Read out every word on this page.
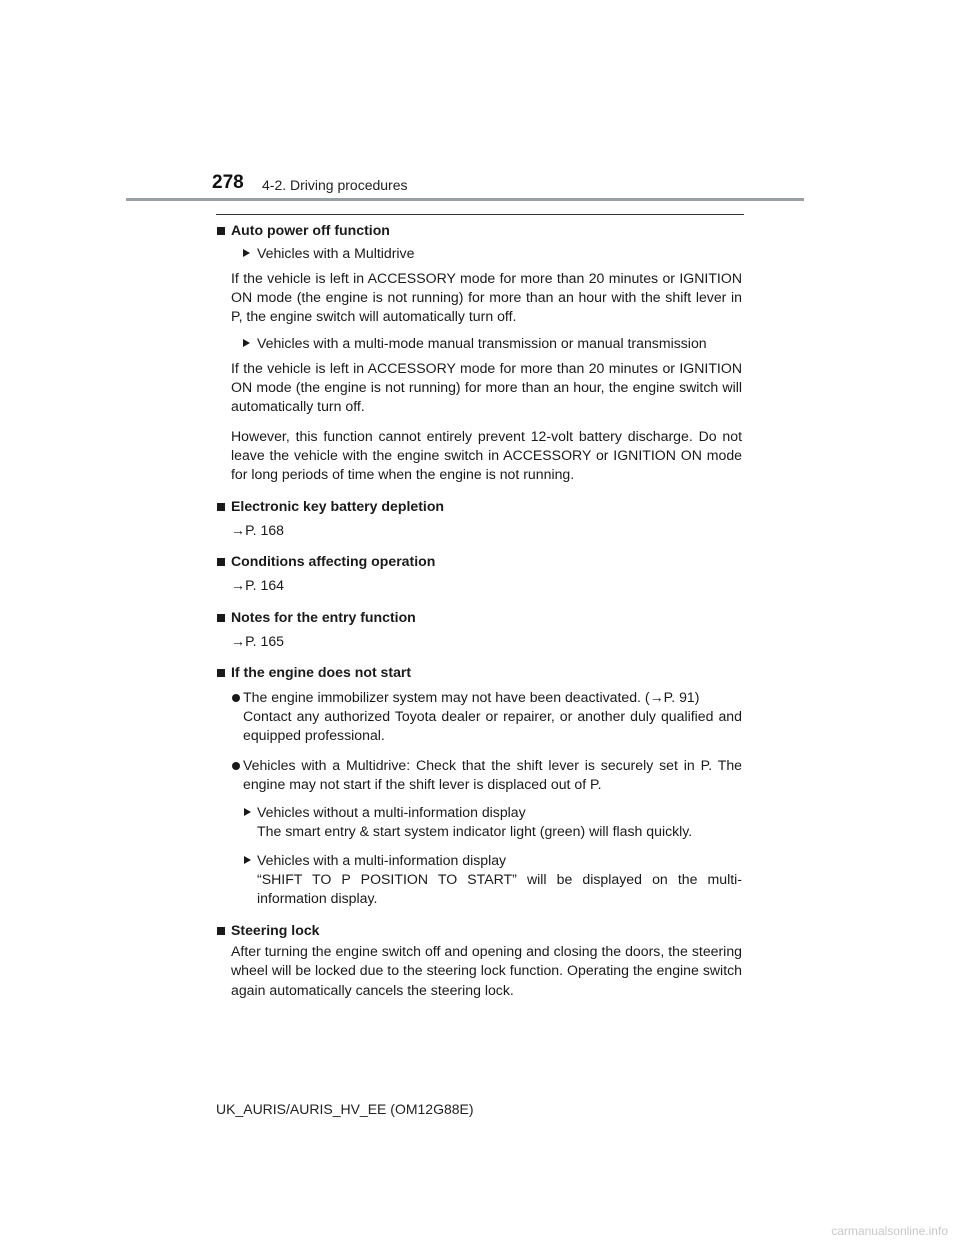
278 4-2. Driving procedures
Auto power off function
Vehicles with a Multidrive
If the vehicle is left in ACCESSORY mode for more than 20 minutes or IGNITION ON mode (the engine is not running) for more than an hour with the shift lever in P, the engine switch will automatically turn off.
Vehicles with a multi-mode manual transmission or manual transmission
If the vehicle is left in ACCESSORY mode for more than 20 minutes or IGNITION ON mode (the engine is not running) for more than an hour, the engine switch will automatically turn off.
However, this function cannot entirely prevent 12-volt battery discharge. Do not leave the vehicle with the engine switch in ACCESSORY or IGNITION ON mode for long periods of time when the engine is not running.
Electronic key battery depletion
→P. 168
Conditions affecting operation
→P. 164
Notes for the entry function
→P. 165
If the engine does not start
The engine immobilizer system may not have been deactivated. (→P. 91)
Contact any authorized Toyota dealer or repairer, or another duly qualified and equipped professional.
Vehicles with a Multidrive: Check that the shift lever is securely set in P. The engine may not start if the shift lever is displaced out of P.
Vehicles without a multi-information display
The smart entry & start system indicator light (green) will flash quickly.
Vehicles with a multi-information display
“SHIFT TO P POSITION TO START” will be displayed on the multi-information display.
Steering lock
After turning the engine switch off and opening and closing the doors, the steering wheel will be locked due to the steering lock function. Operating the engine switch again automatically cancels the steering lock.
UK_AURIS/AURIS_HV_EE (OM12G88E)
carmanualsonline.info
